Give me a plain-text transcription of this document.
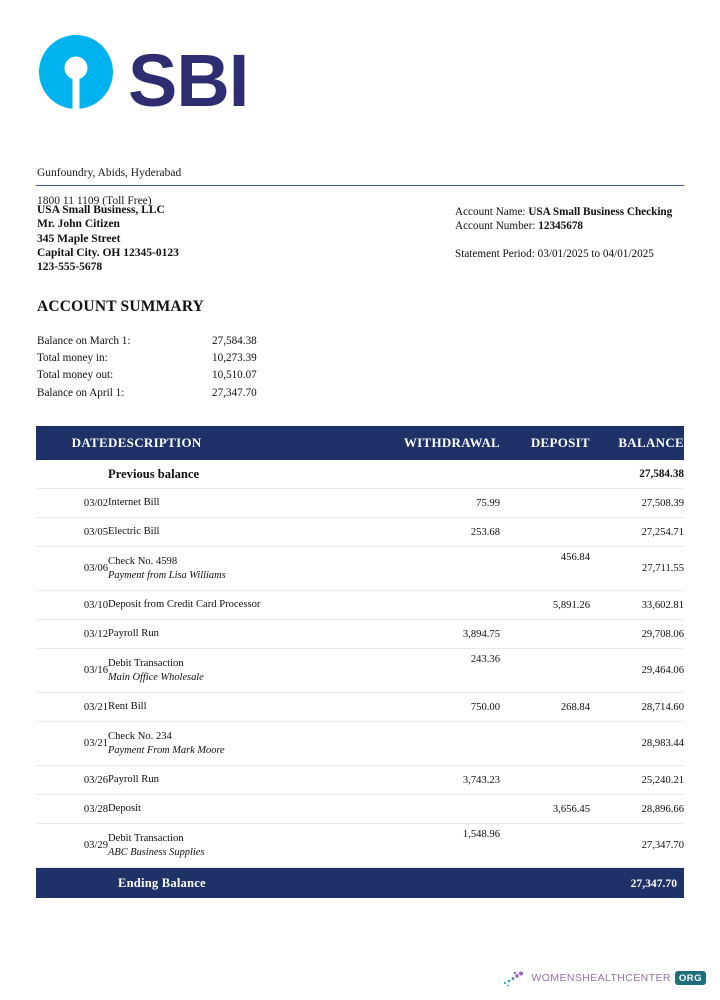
SBI

Gunfoundry, Abids, Hyderabad

1800 11 1109 (Toll Free)

USA Small Business, LLC
Mr. John Citizen
345 Maple Street
Capital City. OH 12345-0123
123-555-5678
Account Name: USA Small Business Checking
Account Number: 12345678
Statement Period: 03/01/2025 to 04/01/2025
ACCOUNT SUMMARY
Balance on March 1:	27,584.38
Total money in:	10,273.39
Total money out:	10,510.07
Balance on April 1:	27,347.70
DATE	DESCRIPTION	WITHDRAWAL	DEPOSIT	BALANCE

	Previous balance			27,584.38
03/02	Internet Bill	75.99		27,508.39
03/05	Electric Bill	253.68		27,254.71
03/06	Check No. 4598
Payment from Lisa Williams		456.84	27,711.55
03/10	Deposit from Credit Card Processor		5,891.26	33,602.81
03/12	Payroll Run	3,894.75		29,708.06
03/16	Debit Transaction
Main Office Wholesale	243.36		29,464.06
03/21	Rent Bill	750.00	268.84	28,714.60
03/21	Check No. 234
Payment From Mark Moore			28,983.44
03/26	Payroll Run	3,743.23		25,240.21
03/28	Deposit		3,656.45	28,896.66
03/29	Debit Transaction
ABC Business Supplies	1,548.96		27,347.70
Ending Balance	27,347.70
WOMENSHEALTHCENTER ORG
